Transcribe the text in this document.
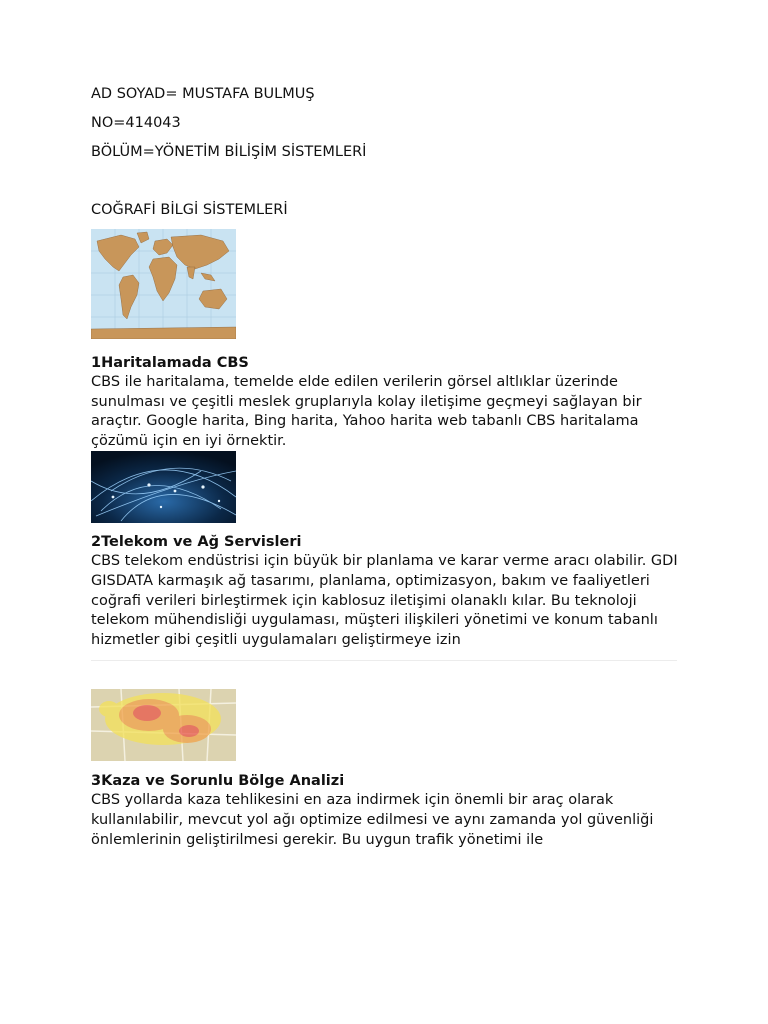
AD SOYAD= MUSTAFA BULMUŞ

NO=414043

BÖLÜM=YÖNETİM BİLİŞİM SİSTEMLERİ

COĞRAFİ BİLGİ SİSTEMLERİ

1Haritalamada CBS

CBS ile haritalama, temelde elde edilen verilerin görsel altlıklar üzerinde sunulması ve çeşitli meslek gruplarıyla kolay iletişime geçmeyi sağlayan bir araçtır. Google harita, Bing harita, Yahoo harita web tabanlı CBS haritalama çözümü için en iyi örnektir.

2Telekom ve Ağ Servisleri

CBS telekom endüstrisi için büyük bir planlama ve karar verme aracı olabilir. GDI GISDATA karmaşık ağ tasarımı, planlama, optimizasyon, bakım ve faaliyetleri coğrafi verileri birleştirmek için kablosuz iletişimi olanaklı kılar. Bu teknoloji telekom mühendisliği uygulaması, müşteri ilişkileri yönetimi ve konum tabanlı hizmetler gibi çeşitli uygulamaları geliştirmeye izin

3Kaza ve Sorunlu Bölge Analizi

CBS yollarda kaza tehlikesini en aza indirmek için önemli bir araç olarak kullanılabilir, mevcut yol ağı optimize edilmesi ve aynı zamanda yol güvenliği önlemlerinin geliştirilmesi gerekir. Bu uygun trafik yönetimi ile
